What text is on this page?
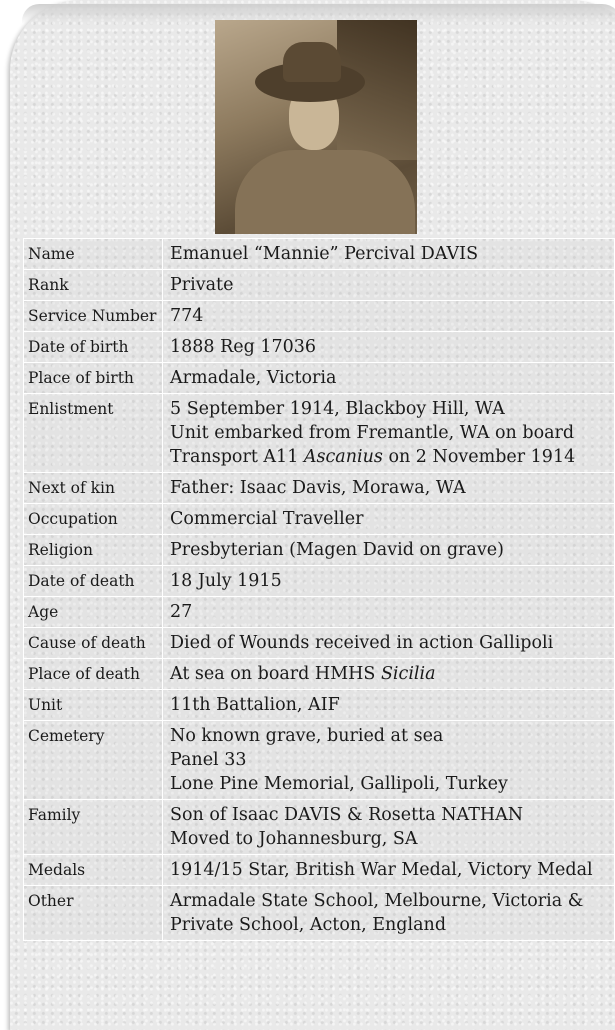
Name	Emanuel “Mannie” Percival DAVIS

Rank	Private

Service Number	774

Date of birth	1888 Reg 17036

Place of birth	Armadale, Victoria

Enlistment	5 September 1914, Blackboy Hill, WA
Unit embarked from Fremantle, WA on board
Transport A11 Ascanius on 2 November 1914

Next of kin	Father: Isaac Davis, Morawa, WA

Occupation	Commercial Traveller

Religion	Presbyterian (Magen David on grave)

Date of death	18 July 1915

Age	27

Cause of death	Died of Wounds received in action Gallipoli

Place of death	At sea on board HMHS Sicilia

Unit	11th Battalion, AIF

Cemetery	No known grave, buried at sea
Panel 33
Lone Pine Memorial, Gallipoli, Turkey

Family	Son of Isaac DAVIS & Rosetta NATHAN
Moved to Johannesburg, SA

Medals	1914/15 Star, British War Medal, Victory Medal

Other	Armadale State School, Melbourne, Victoria &
Private School, Acton, England
